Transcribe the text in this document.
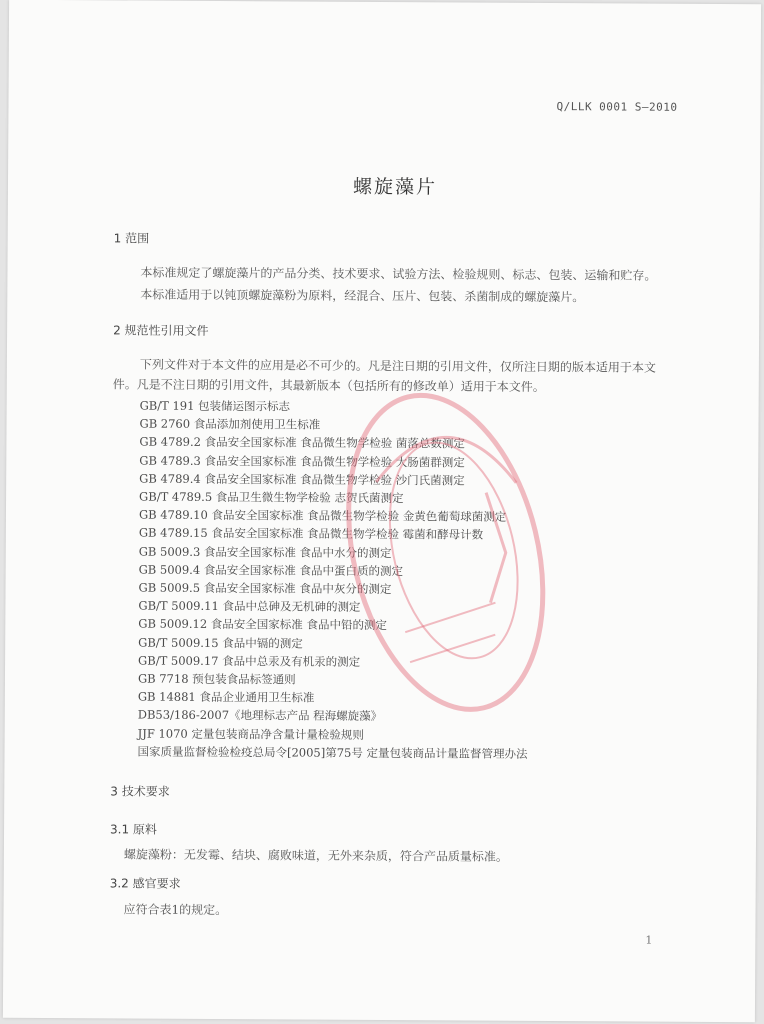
Q/LLK 0001 S—2010
螺旋藻片
1 范围
本标准规定了螺旋藻片的产品分类、技术要求、试验方法、检验规则、标志、包装、运输和贮存。
本标准适用于以钝顶螺旋藻粉为原料，经混合、压片、包装、杀菌制成的螺旋藻片。
2 规范性引用文件
下列文件对于本文件的应用是必不可少的。凡是注日期的引用文件，仅所注日期的版本适用于本文
件。凡是不注日期的引用文件，其最新版本（包括所有的修改单）适用于本文件。
GB/T 191 包装储运图示标志
GB 2760 食品添加剂使用卫生标准
GB 4789.2 食品安全国家标准 食品微生物学检验 菌落总数测定
GB 4789.3 食品安全国家标准 食品微生物学检验 大肠菌群测定
GB 4789.4 食品安全国家标准 食品微生物学检验 沙门氏菌测定
GB/T 4789.5 食品卫生微生物学检验 志贺氏菌测定
GB 4789.10 食品安全国家标准 食品微生物学检验 金黄色葡萄球菌测定
GB 4789.15 食品安全国家标准 食品微生物学检验 霉菌和酵母计数
GB 5009.3 食品安全国家标准 食品中水分的测定
GB 5009.4 食品安全国家标准 食品中蛋白质的测定
GB 5009.5 食品安全国家标准 食品中灰分的测定
GB/T 5009.11 食品中总砷及无机砷的测定
GB 5009.12 食品安全国家标准 食品中铅的测定
GB/T 5009.15 食品中镉的测定
GB/T 5009.17 食品中总汞及有机汞的测定
GB 7718 预包装食品标签通则
GB 14881 食品企业通用卫生标准
DB53/186-2007《地理标志产品 程海螺旋藻》
JJF 1070 定量包装商品净含量计量检验规则
国家质量监督检验检疫总局令[2005]第75号 定量包装商品计量监督管理办法
3 技术要求
3.1 原料
螺旋藻粉：无发霉、结块、腐败味道，无外来杂质，符合产品质量标准。
3.2 感官要求
应符合表1的规定。
1
